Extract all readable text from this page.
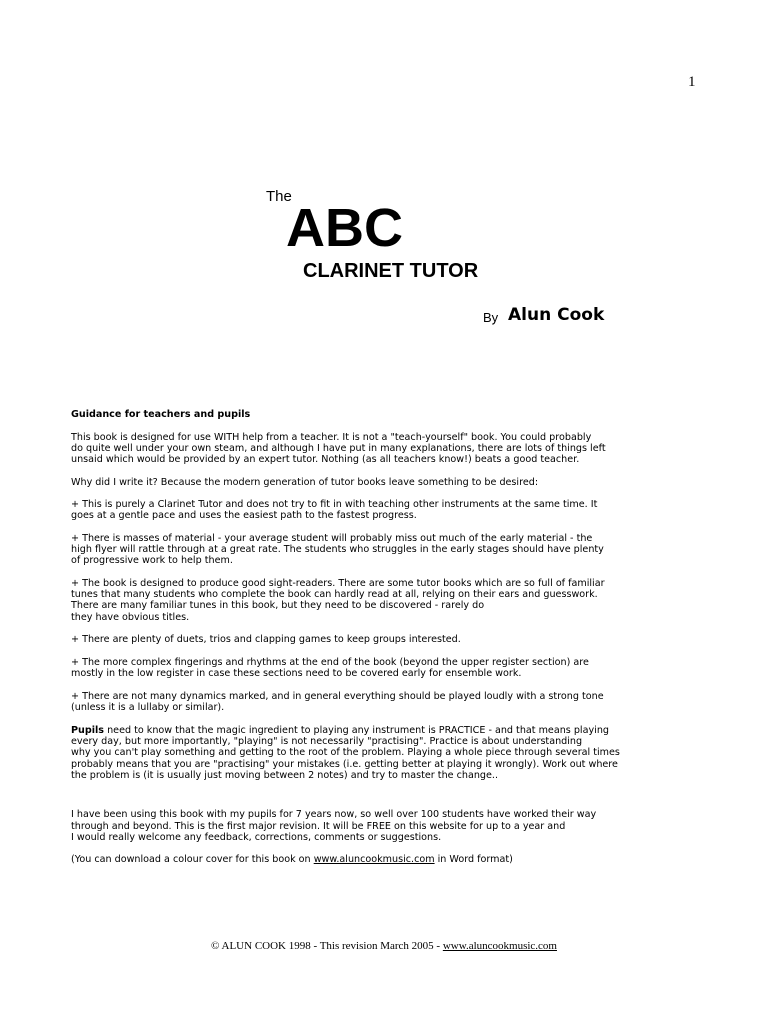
1
The
ABC
CLARINET TUTOR
By Alun Cook

Guidance for teachers and pupils

This book is designed for use WITH help from a teacher. It is not a "teach-yourself" book. You could probably
do quite well under your own steam, and although I have put in many explanations, there are lots of things left
unsaid which would be provided by an expert tutor. Nothing (as all teachers know!) beats a good teacher.

Why did I write it? Because the modern generation of tutor books leave something to be desired:

+ This is purely a Clarinet Tutor and does not try to fit in with teaching other instruments at the same time. It
goes at a gentle pace and uses the easiest path to the fastest progress.

+ There is masses of material - your average student will probably miss out much of the early material - the
high flyer will rattle through at a great rate. The students who struggles in the early stages should have plenty
of progressive work to help them.

+ The book is designed to produce good sight-readers. There are some tutor books which are so full of familiar
tunes that many students who complete the book can hardly read at all, relying on their ears and guesswork.
There are many familiar tunes in this book, but they need to be discovered - rarely do
they have obvious titles.

+ There are plenty of duets, trios and clapping games to keep groups interested.

+ The more complex fingerings and rhythms at the end of the book (beyond the upper register section) are
mostly in the low register in case these sections need to be covered early for ensemble work.

+ There are not many dynamics marked, and in general everything should be played loudly with a strong tone
(unless it is a lullaby or similar).

Pupils need to know that the magic ingredient to playing any instrument is PRACTICE - and that means playing
every day, but more importantly, "playing" is not necessarily "practising". Practice is about understanding
why you can't play something and getting to the root of the problem. Playing a whole piece through several times
probably means that you are "practising" your mistakes (i.e. getting better at playing it wrongly). Work out where
the problem is (it is usually just moving between 2 notes) and try to master the change..

I have been using this book with my pupils for 7 years now, so well over 100 students have worked their way
through and beyond. This is the first major revision. It will be FREE on this website for up to a year and
I would really welcome any feedback, corrections, comments or suggestions.

(You can download a colour cover for this book on www.aluncookmusic.com in Word format)

© ALUN COOK 1998 - This revision March 2005 - www.aluncookmusic.com
